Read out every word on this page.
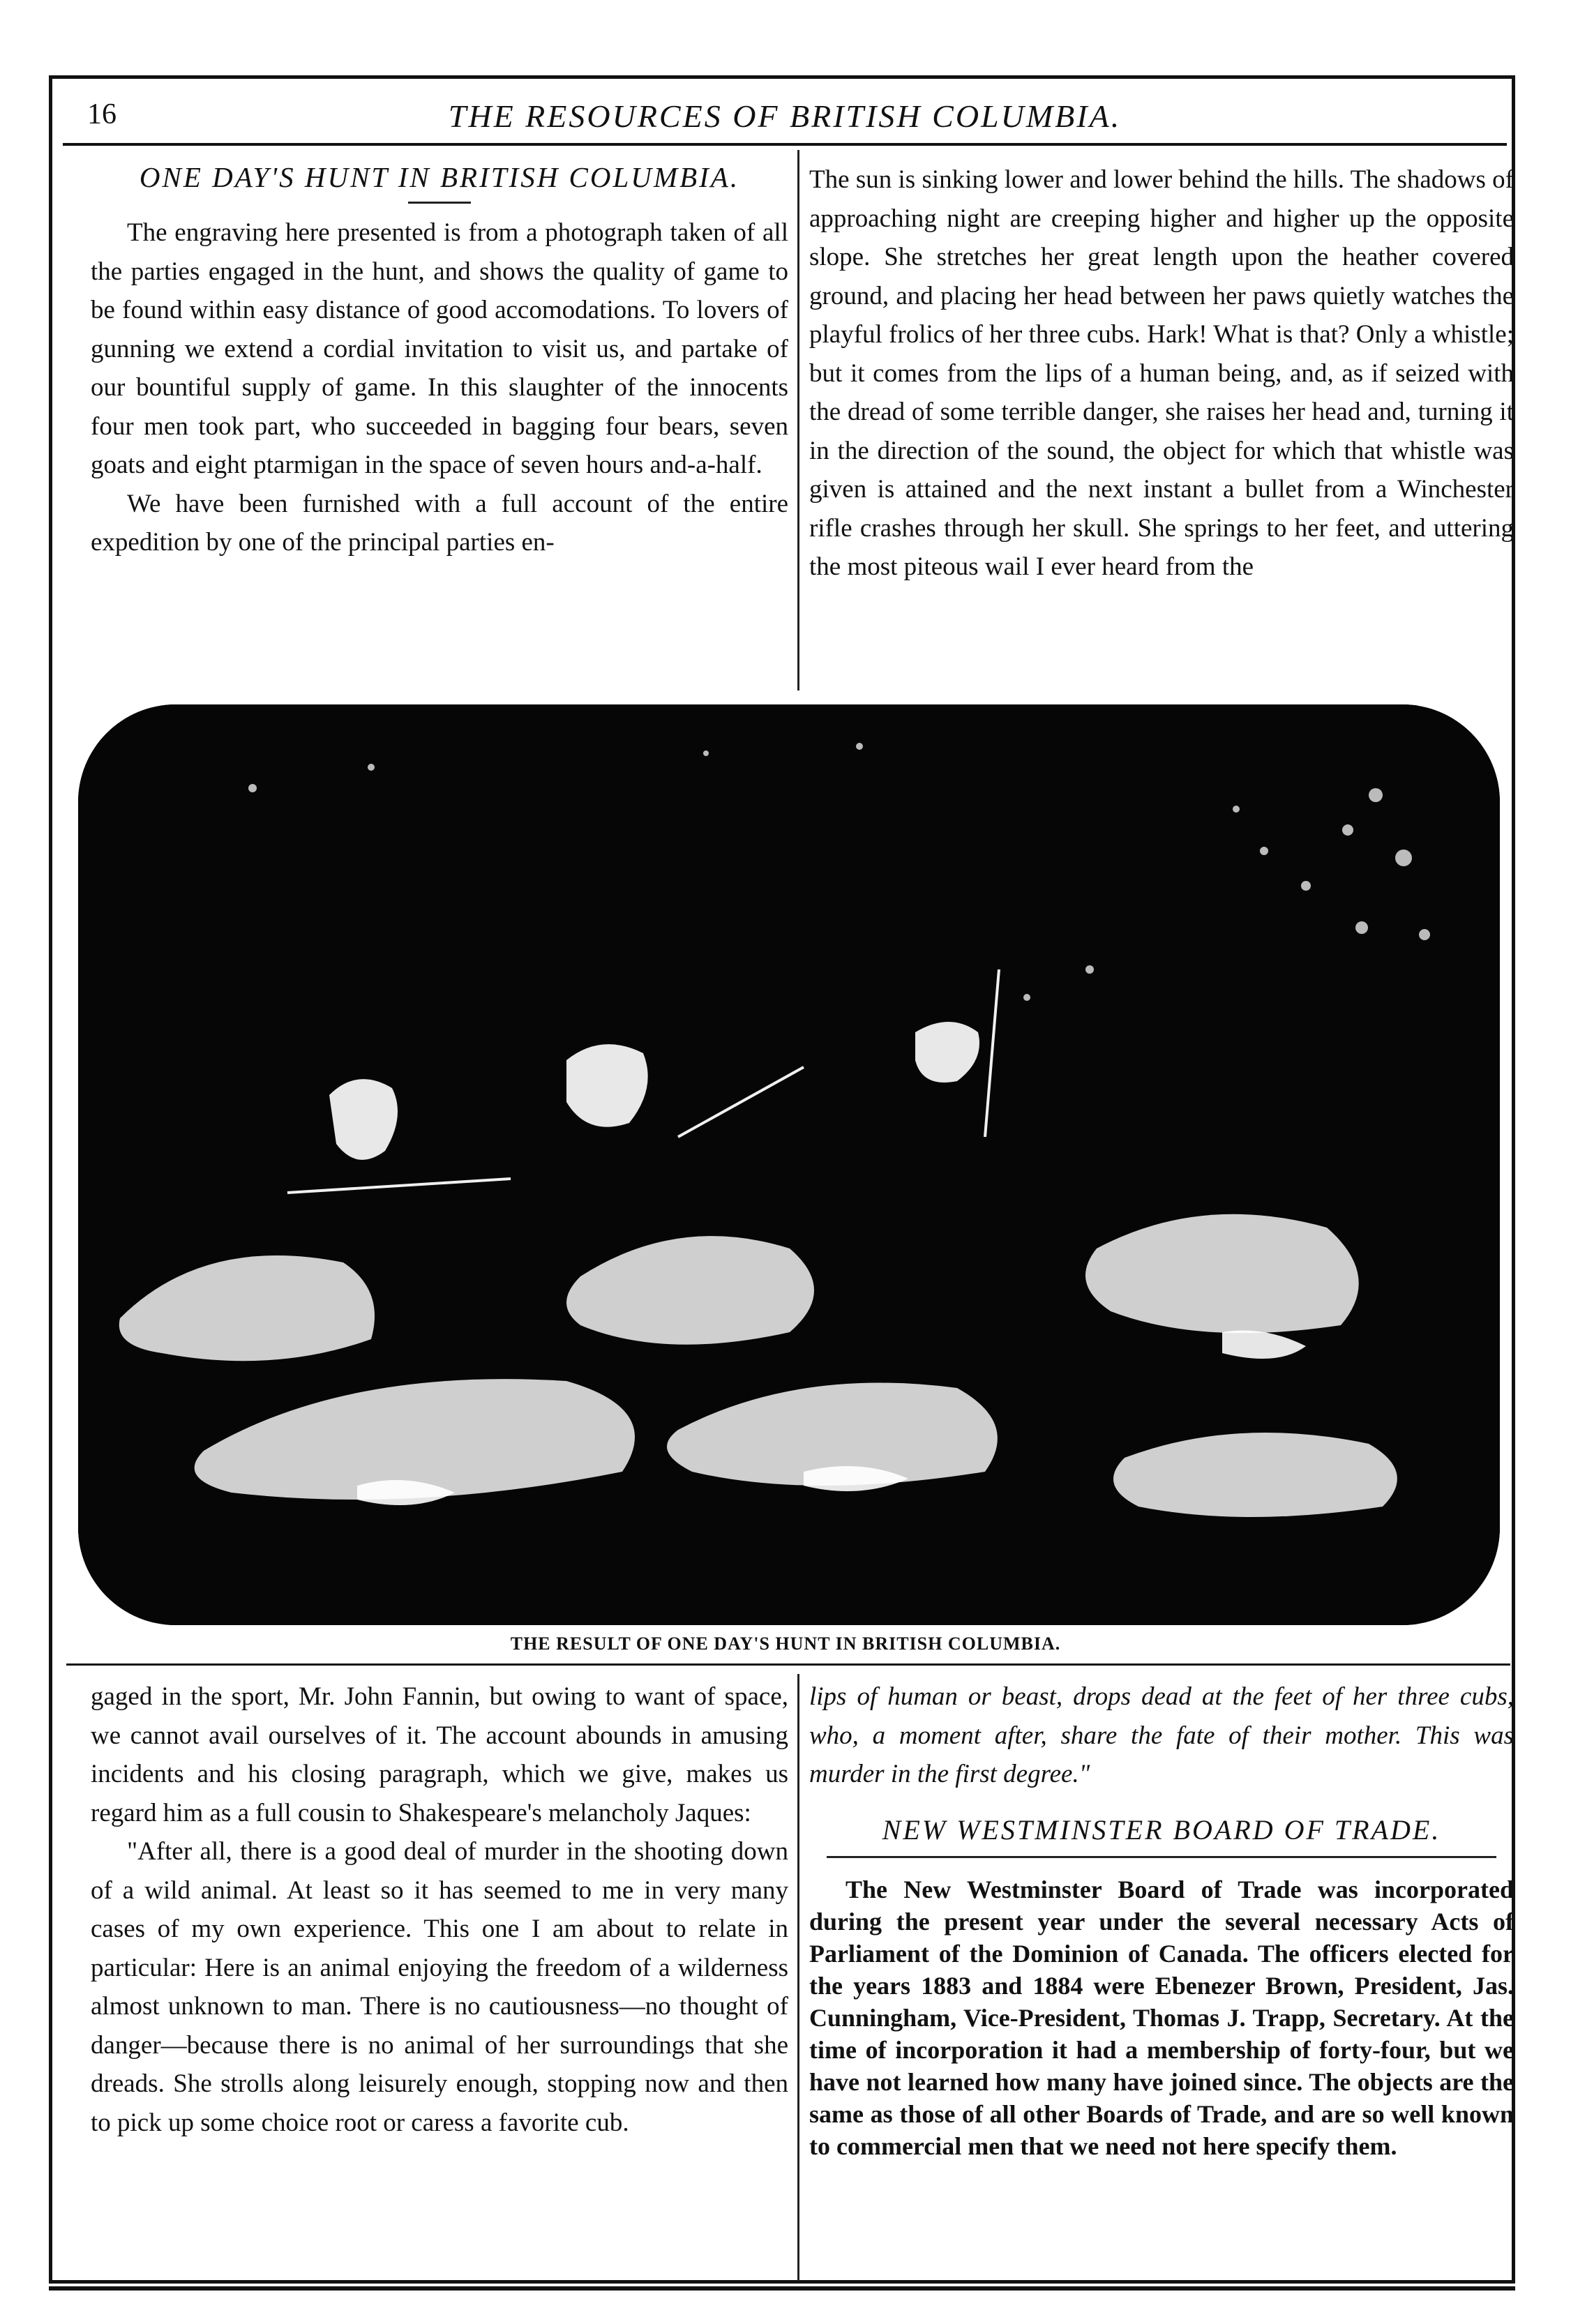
16	THE RESOURCES OF BRITISH COLUMBIA.
ONE DAY'S HUNT IN BRITISH COLUMBIA.

The engraving here presented is from a photograph taken of all the parties engaged in the hunt, and shows the quality of game to be found within easy distance of good accomodations. To lovers of gunning we extend a cordial invitation to visit us, and partake of our bountiful supply of game. In this slaughter of the innocents four men took part, who succeeded in bagging four bears, seven goats and eight ptarmigan in the space of seven hours and-a-half.

We have been furnished with a full account of the entire expedition by one of the principal parties en-

The sun is sinking lower and lower behind the hills. The shadows of approaching night are creeping higher and higher up the opposite slope. She stretches her great length upon the heather covered ground, and placing her head between her paws quietly watches the playful frolics of her three cubs. Hark! What is that? Only a whistle; but it comes from the lips of a human being, and, as if seized with the dread of some terrible danger, she raises her head and, turning it in the direction of the sound, the object for which that whistle was given is attained and the next instant a bullet from a Winchester rifle crashes through her skull. She springs to her feet, and uttering the most piteous wail I ever heard from the

THE RESULT OF ONE DAY'S HUNT IN BRITISH COLUMBIA.

gaged in the sport, Mr. John Fannin, but owing to want of space, we cannot avail ourselves of it. The account abounds in amusing incidents and his closing paragraph, which we give, makes us regard him as a full cousin to Shakespeare's melancholy Jaques:

"After all, there is a good deal of murder in the shooting down of a wild animal. At least so it has seemed to me in very many cases of my own experience. This one I am about to relate in particular: Here is an animal enjoying the freedom of a wilderness almost unknown to man. There is no cautiousness—no thought of danger—because there is no animal of her surroundings that she dreads. She strolls along leisurely enough, stopping now and then to pick up some choice root or caress a favorite cub.

lips of human or beast, drops dead at the feet of her three cubs, who, a moment after, share the fate of their mother. This was murder in the first degree."

NEW WESTMINSTER BOARD OF TRADE.

The New Westminster Board of Trade was incorporated during the present year under the several necessary Acts of Parliament of the Dominion of Canada. The officers elected for the years 1883 and 1884 were Ebenezer Brown, President, Jas. Cunningham, Vice-President, Thomas J. Trapp, Secretary. At the time of incorporation it had a membership of forty-four, but we have not learned how many have joined since. The objects are the same as those of all other Boards of Trade, and are so well known to commercial men that we need not here specify them.
